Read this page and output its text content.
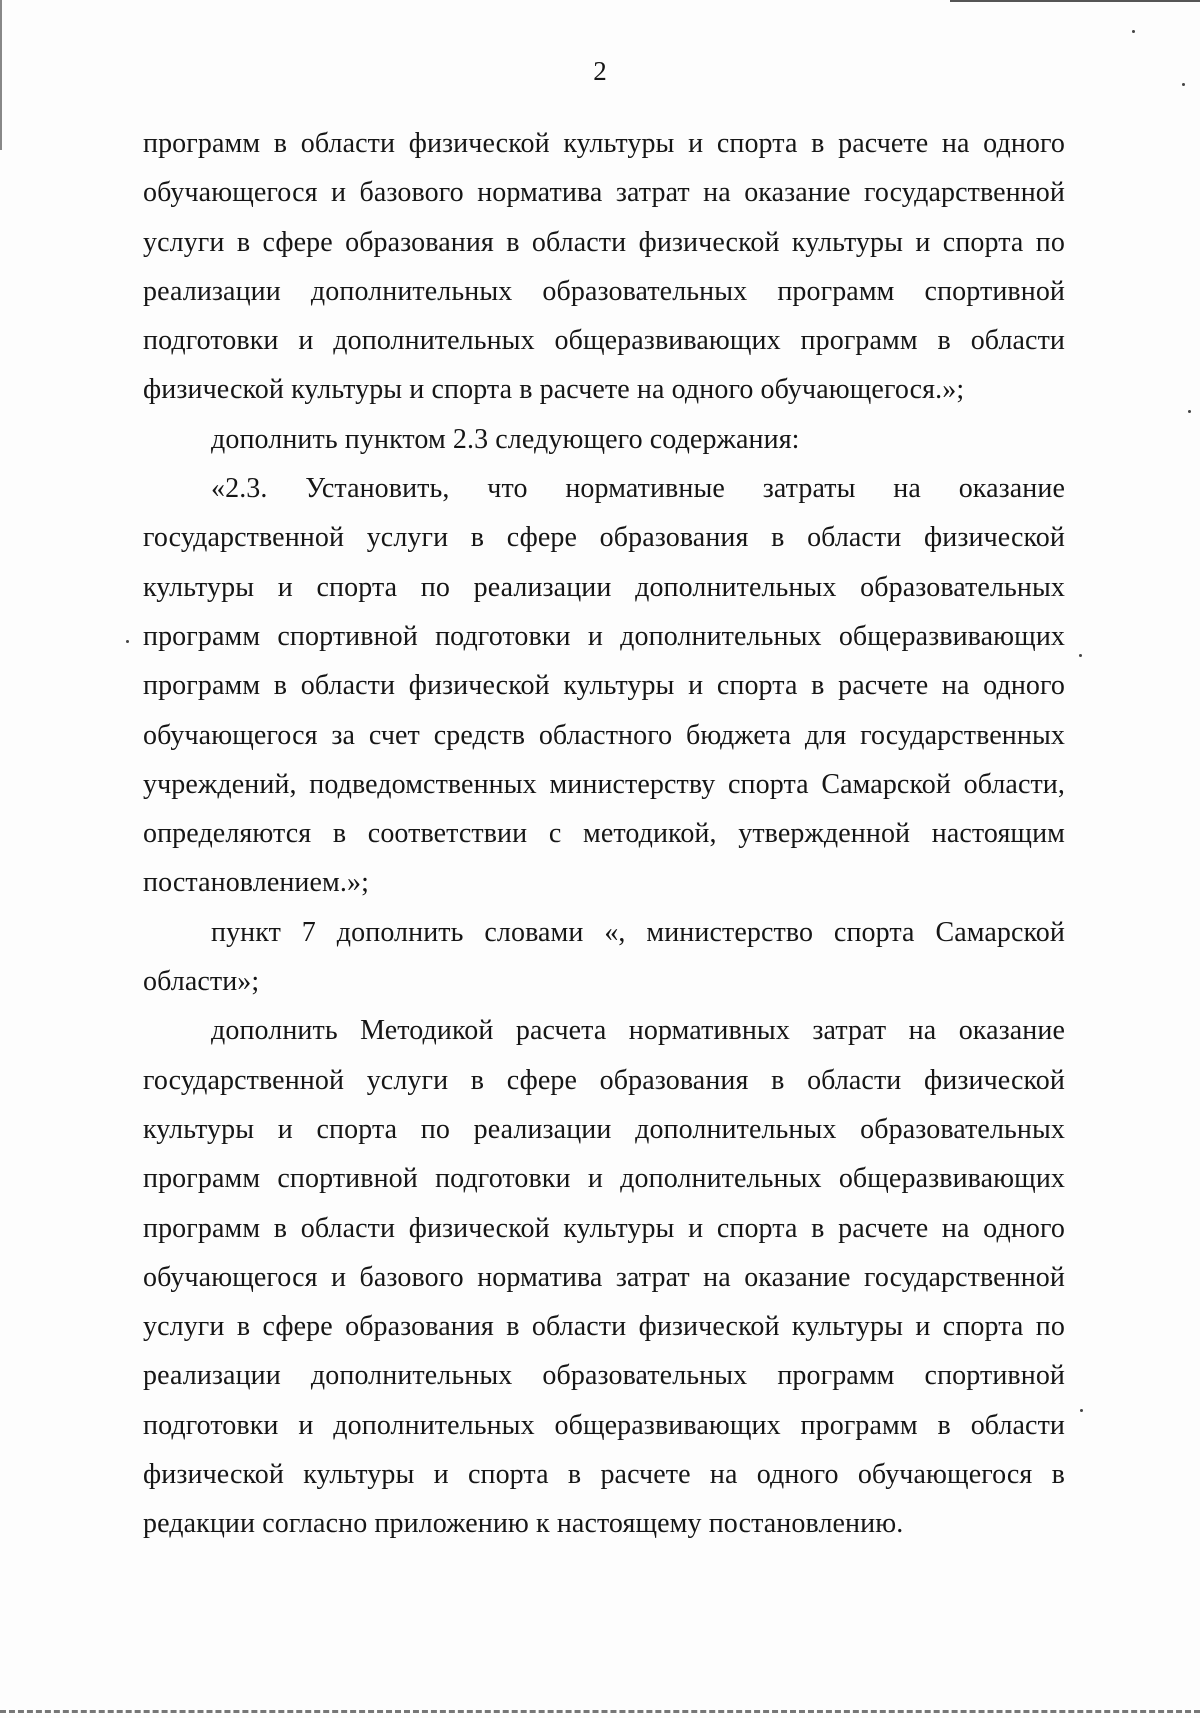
2

программ в области физической культуры и спорта в расчете на одного обучающегося и базового норматива затрат на оказание государственной услуги в сфере образования в области физической культуры и спорта по реализации дополнительных образовательных программ спортивной подготовки и дополнительных общеразвивающих программ в области физической культуры и спорта в расчете на одного обучающегося.»;

дополнить пунктом 2.3 следующего содержания:

«2.3. Установить, что нормативные затраты на оказание государственной услуги в сфере образования в области физической культуры и спорта по реализации дополнительных образовательных программ спортивной подготовки и дополнительных общеразвивающих программ в области физической культуры и спорта в расчете на одного обучающегося за счет средств областного бюджета для государственных учреждений, подведомственных министерству спорта Самарской области, определяются в соответствии с методикой, утвержденной настоящим постановлением.»;

пункт 7 дополнить словами «, министерство спорта Самарской области»;

дополнить Методикой расчета нормативных затрат на оказание государственной услуги в сфере образования в области физической культуры и спорта по реализации дополнительных образовательных программ спортивной подготовки и дополнительных общеразвивающих программ в области физической культуры и спорта в расчете на одного обучающегося и базового норматива затрат на оказание государственной услуги в сфере образования в области физической культуры и спорта по реализации дополнительных образовательных программ спортивной подготовки и дополнительных общеразвивающих программ в области физической культуры и спорта в расчете на одного обучающегося в редакции согласно приложению к настоящему постановлению.
